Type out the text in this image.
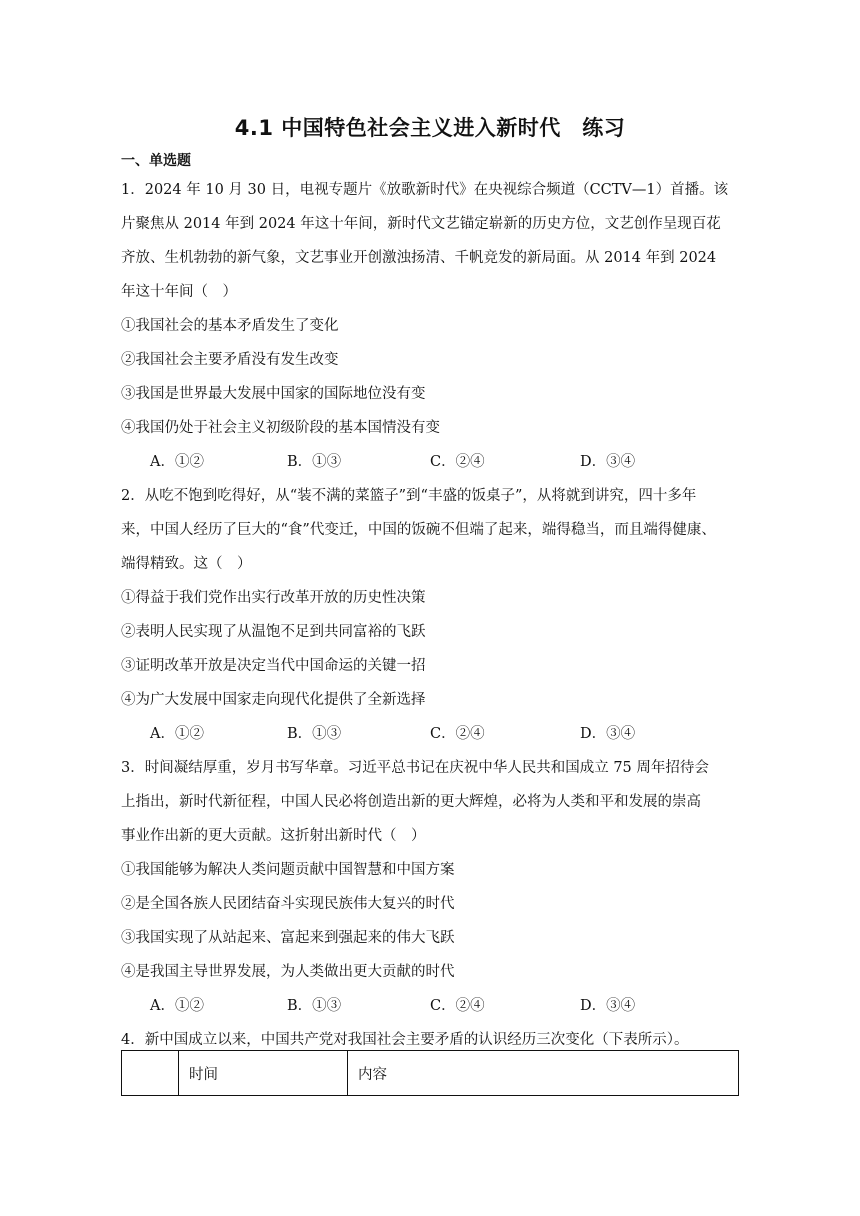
4.1 中国特色社会主义进入新时代　练习
一、单选题
1．2024 年 10 月 30 日，电视专题片《放歌新时代》在央视综合频道（CCTV—1）首播。该
片聚焦从 2014 年到 2024 年这十年间，新时代文艺锚定崭新的历史方位，文艺创作呈现百花
齐放、生机勃勃的新气象，文艺事业开创激浊扬清、千帆竞发的新局面。从 2014 年到 2024
年这十年间（　）
①我国社会的基本矛盾发生了变化
②我国社会主要矛盾没有发生改变
③我国是世界最大发展中国家的国际地位没有变
④我国仍处于社会主义初级阶段的基本国情没有变
A．①②	B．①③	C．②④	D．③④
2．从吃不饱到吃得好，从“装不满的菜篮子”到“丰盛的饭桌子”，从将就到讲究，四十多年
来，中国人经历了巨大的“食”代变迁，中国的饭碗不但端了起来，端得稳当，而且端得健康、
端得精致。这（　）
①得益于我们党作出实行改革开放的历史性决策
②表明人民实现了从温饱不足到共同富裕的飞跃
③证明改革开放是决定当代中国命运的关键一招
④为广大发展中国家走向现代化提供了全新选择
A．①②	B．①③	C．②④	D．③④
3．时间凝结厚重，岁月书写华章。习近平总书记在庆祝中华人民共和国成立 75 周年招待会
上指出，新时代新征程，中国人民必将创造出新的更大辉煌，必将为人类和平和发展的崇高
事业作出新的更大贡献。这折射出新时代（　）
①我国能够为解决人类问题贡献中国智慧和中国方案
②是全国各族人民团结奋斗实现民族伟大复兴的时代
③我国实现了从站起来、富起来到强起来的伟大飞跃
④是我国主导世界发展，为人类做出更大贡献的时代
A．①②	B．①③	C．②④	D．③④
4．新中国成立以来，中国共产党对我国社会主要矛盾的认识经历三次变化（下表所示）。
	时间	内容
